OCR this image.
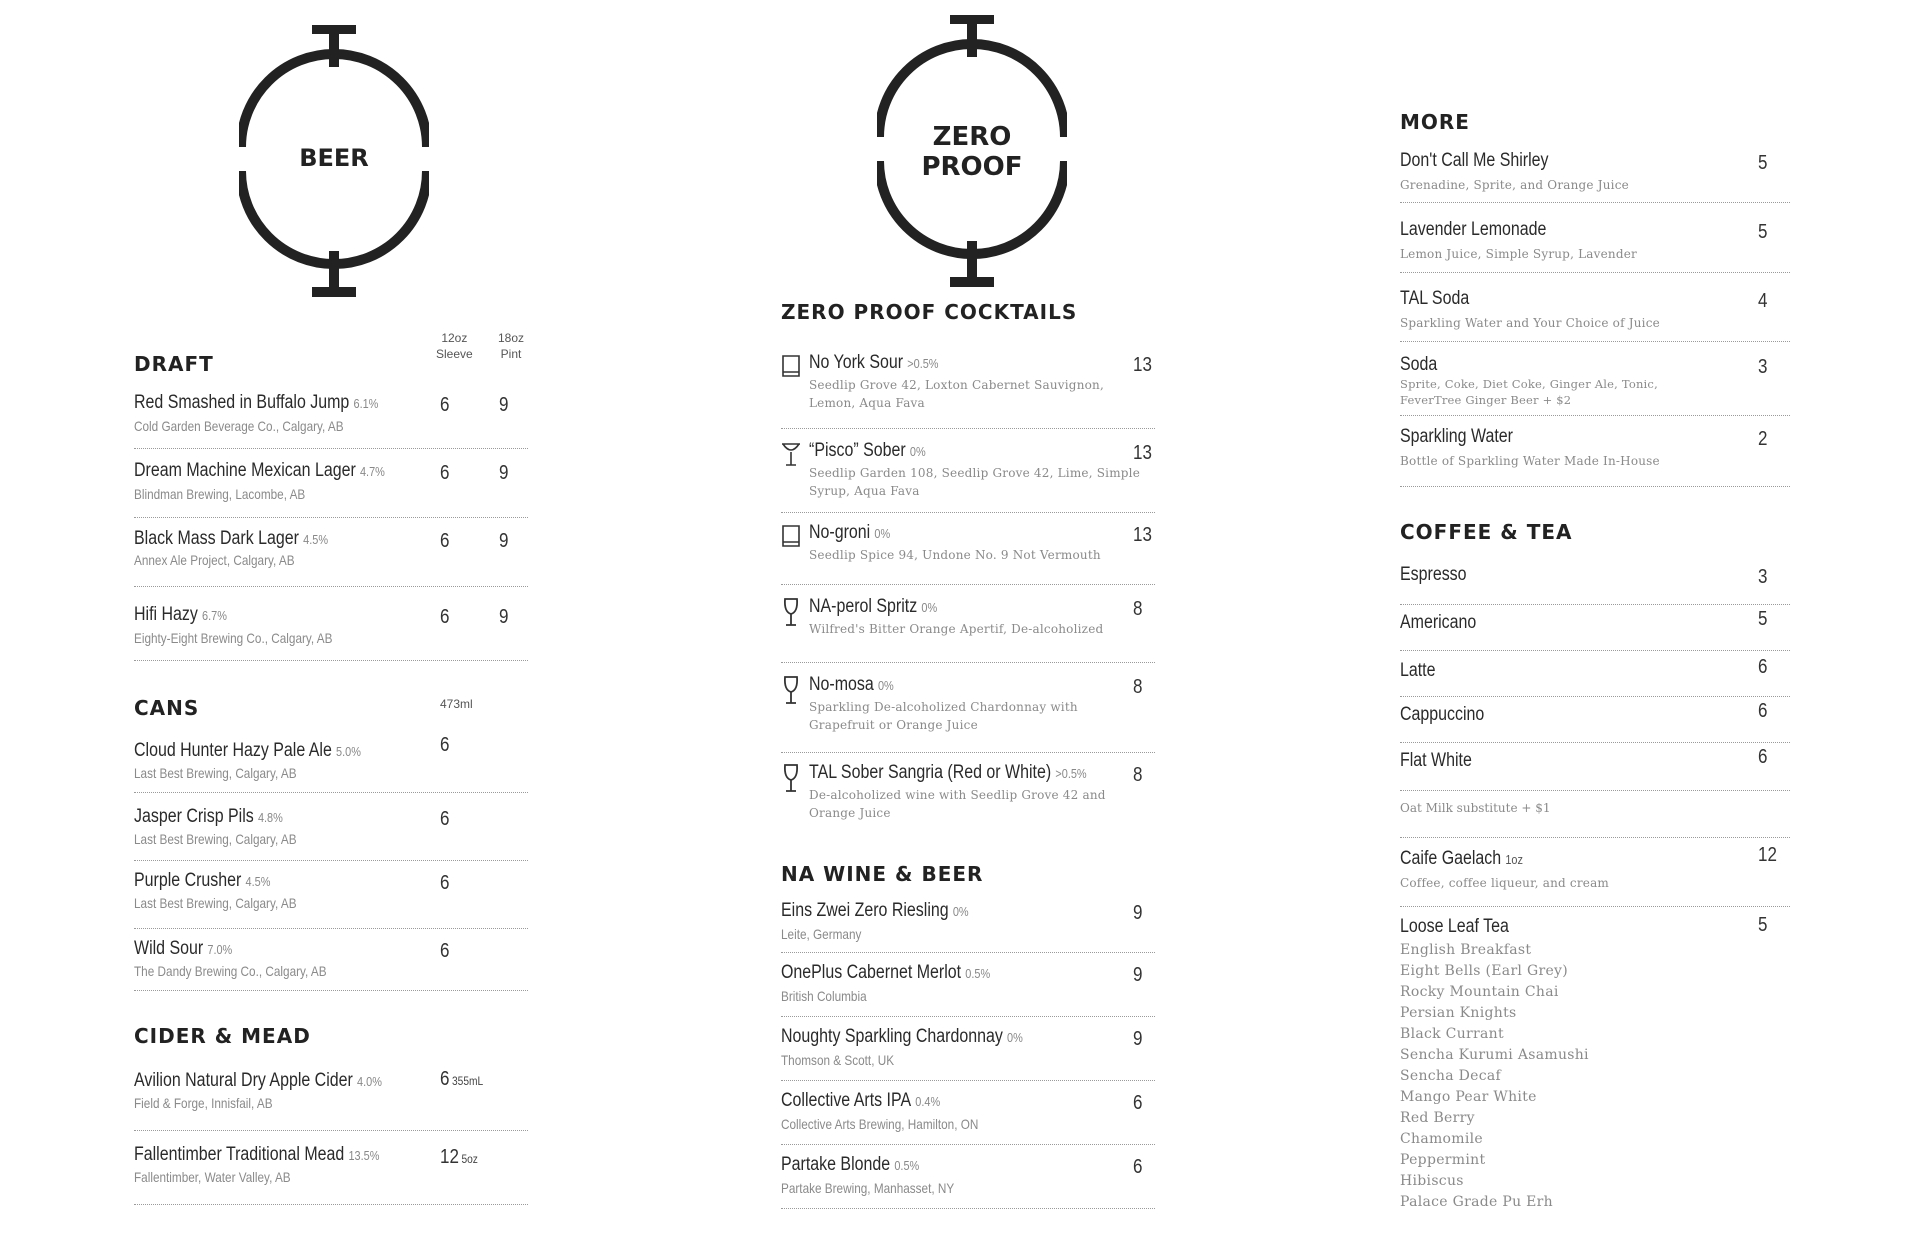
BEER
DRAFT
12oz
Sleeve
18oz
Pint
Red Smashed in Buffalo Jump 6.1%
Cold Garden Beverage Co., Calgary, AB
6 9
Dream Machine Mexican Lager 4.7%
Blindman Brewing, Lacombe, AB
6 9
Black Mass Dark Lager 4.5%
Annex Ale Project, Calgary, AB
6 9
Hifi Hazy 6.7%
Eighty-Eight Brewing Co., Calgary, AB
6 9
CANS	473ml
Cloud Hunter Hazy Pale Ale 5.0%
Last Best Brewing, Calgary, AB
6
Jasper Crisp Pils 4.8%
Last Best Brewing, Calgary, AB
6
Purple Crusher 4.5%
Last Best Brewing, Calgary, AB
6
Wild Sour 7.0%
The Dandy Brewing Co., Calgary, AB
6
CIDER & MEAD
Avilion Natural Dry Apple Cider 4.0%
Field & Forge, Innisfail, AB
6 355mL
Fallentimber Traditional Mead 13.5%
Fallentimber, Water Valley, AB
12 5oz
ZERO
PROOF
ZERO PROOF COCKTAILS
No York Sour >0.5%
Seedlip Grove 42, Loxton Cabernet Sauvignon, Lemon, Aqua Fava
13
“Pisco” Sober 0%
Seedlip Garden 108, Seedlip Grove 42, Lime, Simple Syrup, Aqua Fava
13
No-groni 0%
Seedlip Spice 94, Undone No. 9 Not Vermouth
13
NA-perol Spritz 0%
Wilfred's Bitter Orange Apertif, De-alcoholized
8
No-mosa 0%
Sparkling De-alcoholized Chardonnay with Grapefruit or Orange Juice
8
TAL Sober Sangria (Red or White) >0.5%
De-alcoholized wine with Seedlip Grove 42 and Orange Juice
8
NA WINE & BEER
Eins Zwei Zero Riesling 0%
Leite, Germany
9
OnePlus Cabernet Merlot 0.5%
British Columbia
9
Noughty Sparkling Chardonnay 0%
Thomson & Scott, UK
9
Collective Arts IPA 0.4%
Collective Arts Brewing, Hamilton, ON
6
Partake Blonde 0.5%
Partake Brewing, Manhasset, NY
6
MORE
Don't Call Me Shirley
Grenadine, Sprite, and Orange Juice
5
Lavender Lemonade
Lemon Juice, Simple Syrup, Lavender
5
TAL Soda
Sparkling Water and Your Choice of Juice
4
Soda
Sprite, Coke, Diet Coke, Ginger Ale, Tonic, FeverTree Ginger Beer + $2
3
Sparkling Water
Bottle of Sparkling Water Made In-House
2
COFFEE & TEA
Espresso	3
Americano	5
Latte	6
Cappuccino	6
Flat White	6
Oat Milk substitute + $1
Caife Gaelach 1oz
Coffee, coffee liqueur, and cream
12
Loose Leaf Tea	5
English Breakfast
Eight Bells (Earl Grey)
Rocky Mountain Chai
Persian Knights
Black Currant
Sencha Kurumi Asamushi
Sencha Decaf
Mango Pear White
Red Berry
Chamomile
Peppermint
Hibiscus
Palace Grade Pu Erh
